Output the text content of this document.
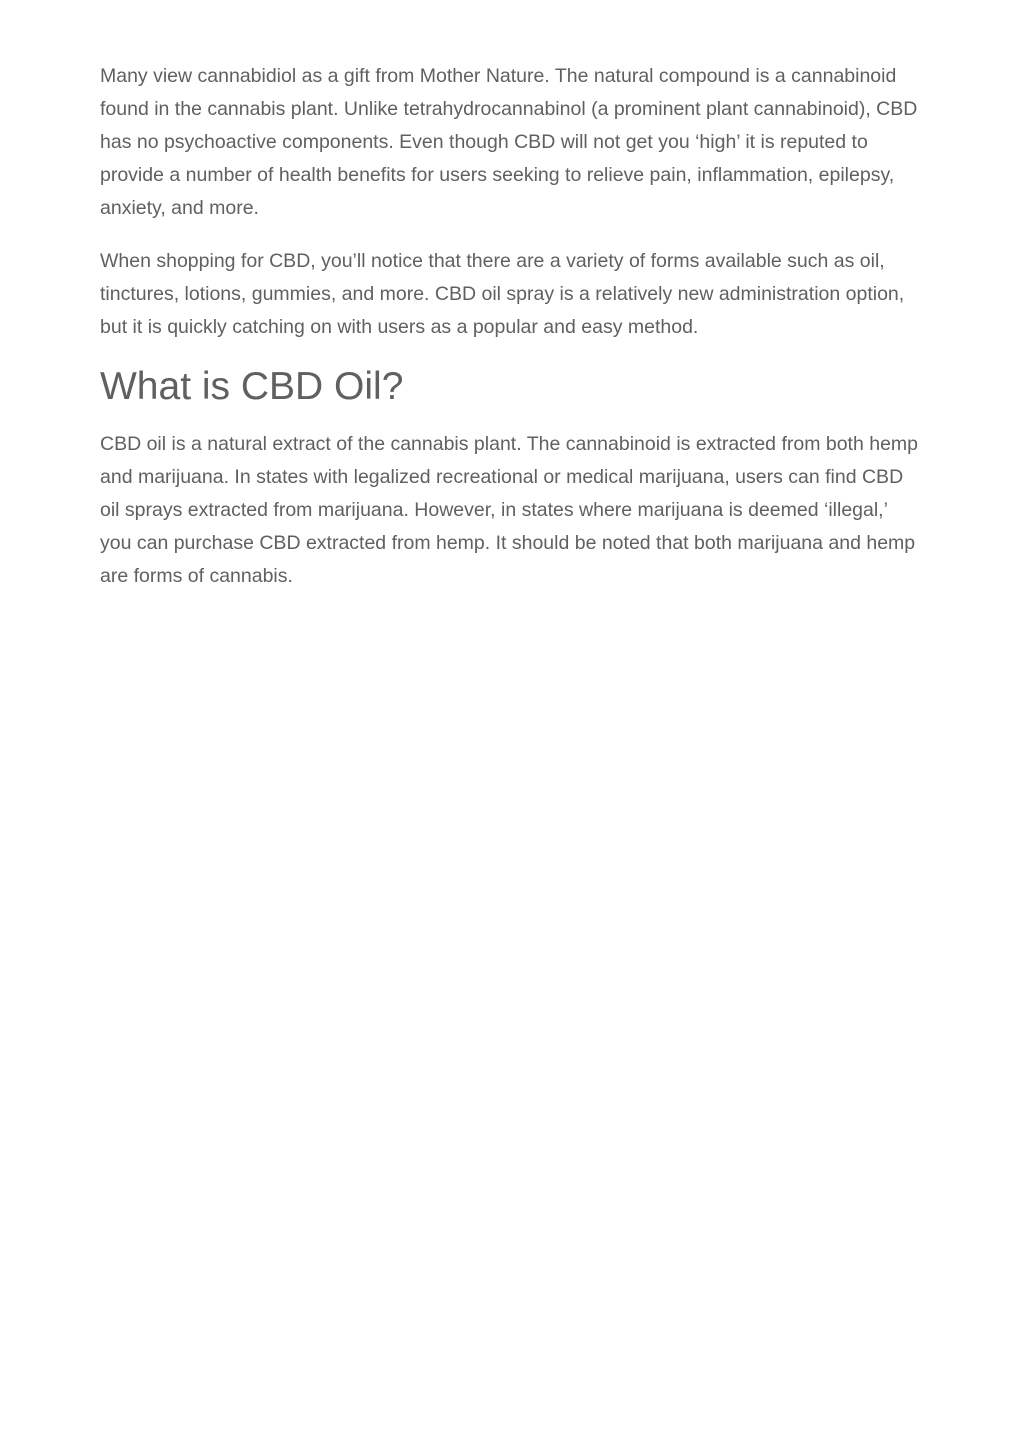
Many view cannabidiol as a gift from Mother Nature. The natural compound is a cannabinoid found in the cannabis plant. Unlike tetrahydrocannabinol (a prominent plant cannabinoid), CBD has no psychoactive components. Even though CBD will not get you ‘high’ it is reputed to provide a number of health benefits for users seeking to relieve pain, inflammation, epilepsy, anxiety, and more.

When shopping for CBD, you’ll notice that there are a variety of forms available such as oil, tinctures, lotions, gummies, and more. CBD oil spray is a relatively new administration option, but it is quickly catching on with users as a popular and easy method.

What is CBD Oil?

CBD oil is a natural extract of the cannabis plant. The cannabinoid is extracted from both hemp and marijuana. In states with legalized recreational or medical marijuana, users can find CBD oil sprays extracted from marijuana. However, in states where marijuana is deemed ‘illegal,’ you can purchase CBD extracted from hemp. It should be noted that both marijuana and hemp are forms of cannabis.
